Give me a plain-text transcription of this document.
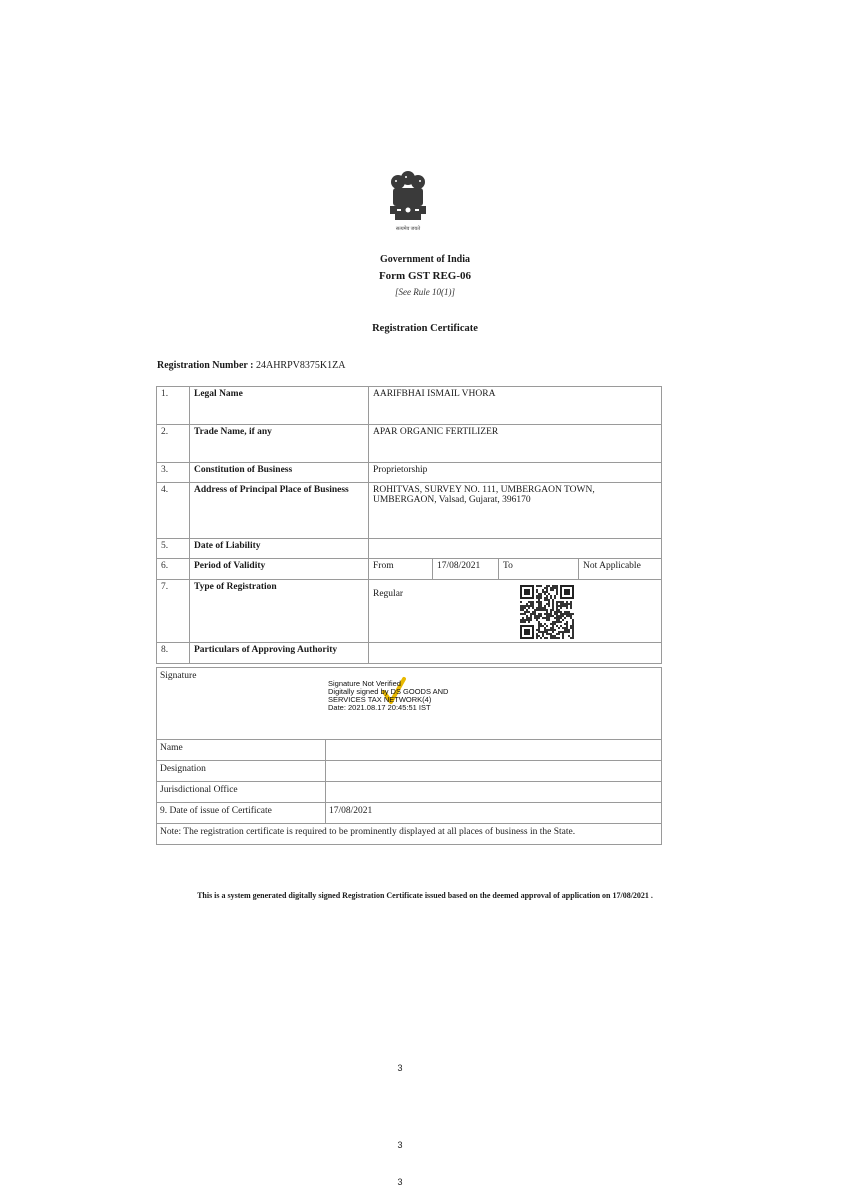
सत्यमेव जयते
Government of India
Form GST REG-06
[See Rule 10(1)]
Registration Certificate
Registration Number : 24AHRPV8375K1ZA
1.	Legal Name	AARIFBHAI ISMAIL VHORA			
2.	Trade Name, if any	APAR ORGANIC FERTILIZER			
3.	Constitution of Business	Proprietorship			
4.	Address of Principal Place of Business	ROHITVAS, SURVEY NO. 111, UMBERGAON TOWN, UMBERGAON, Valsad, Gujarat, 396170			
5.	Date of Liability				
6.	Period of Validity	From	17/08/2021	To	Not Applicable
7.	Type of Registration	Regular			
8.	Particulars of Approving Authority				
Signature	
Name	
Designation	
Jurisdictional Office	
9. Date of issue of Certificate	17/08/2021
Note: The registration certificate is required to be prominently displayed at all places of business in the State.	
Signature Not Verified
Digitally signed by DS GOODS AND
SERVICES TAX NETWORK(4)
Date: 2021.08.17 20:45:51 IST
This is a system generated digitally signed Registration Certificate issued based on the deemed approval of application on 17/08/2021 .
3
3
3
